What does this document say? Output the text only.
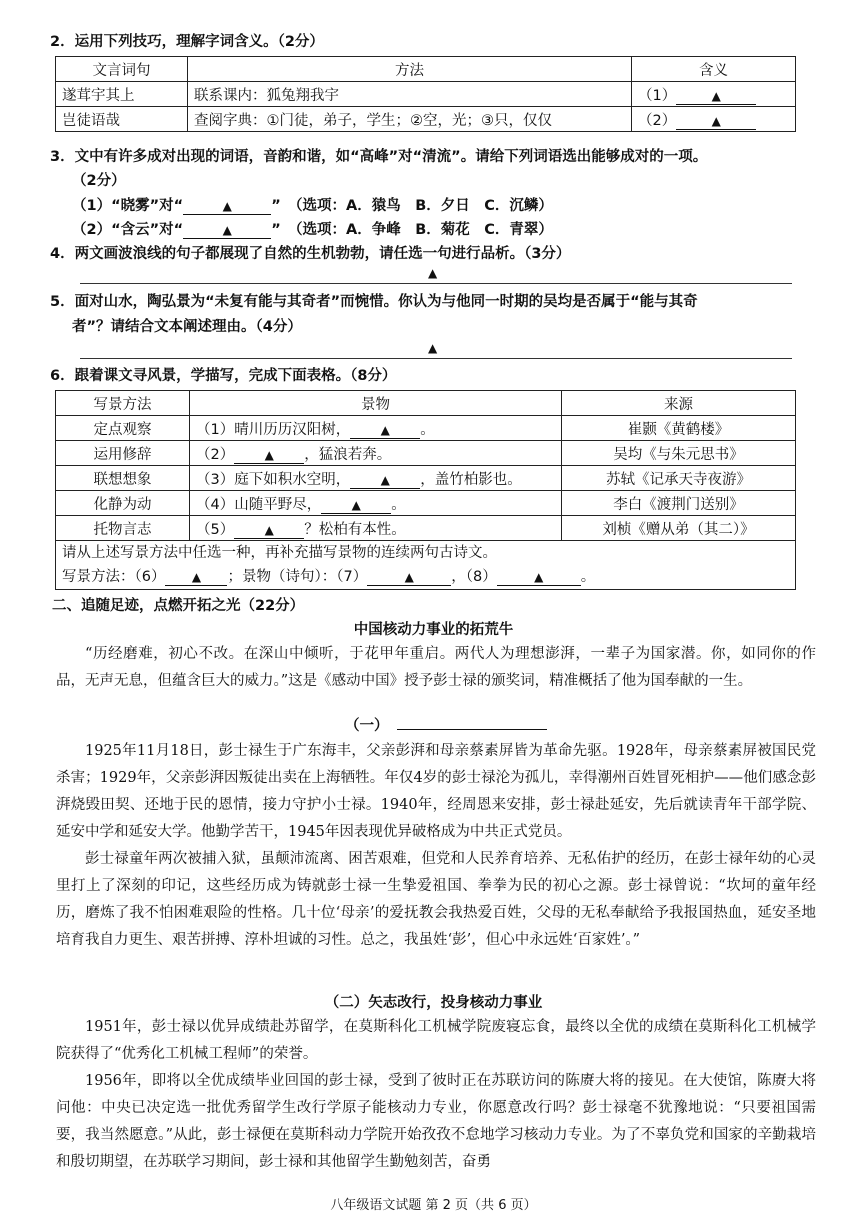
2．运用下列技巧，理解字词含义。（2分）
文言词句	方法	含义
遂茸宇其上	联系课内：狐兔翔我宇	（1） ▲
岂徒语哉	查阅字典：①门徒，弟子，学生；②空，光；③只，仅仅	（2） ▲
3．文中有许多成对出现的词语，音韵和谐，如“高峰”对“清流”。请给下列词语选出能够成对的一项。
（2分）
（1）“晓雾”对“	▲	”　 （选项：A．猿鸟　B．夕日　C．沉鳞）
（2）“含云”对“	▲	”　 （选项：A．争峰　B．菊花　C．青翠）
4．两文画波浪线的句子都展现了自然的生机勃勃，请任选一句进行品析。（3分）
▲
5．面对山水，陶弘景为“未复有能与其奇者”而惋惜。你认为与他同一时期的吴均是否属于“能与其奇
者”？请结合文本阐述理由。（4分）
▲
6．跟着课文寻风景，学描写，完成下面表格。（8分）
写景方法	景物	来源
定点观察	（1）晴川历历汉阳树， ▲ 。	崔颢《黄鹤楼》
运用修辞	（2） ▲ ，猛浪若奔。	吴均《与朱元思书》
联想想象	（3）庭下如积水空明， ▲ ，盖竹柏影也。	苏轼《记承天寺夜游》
化静为动	（4）山随平野尽， ▲ 。	李白《渡荆门送别》
托物言志	（5） ▲ ？松柏有本性。	刘桢《赠从弟（其二）》

请从上述写景方法中任选一种，再补充描写景物的连续两句古诗文。
写景方法：（6） ▲ ；景物（诗句）：（7） ▲ ，（8） ▲ 。		
二、追随足迹，点燃开拓之光（22分）
中国核动力事业的拓荒牛

“历经磨难，初心不改。在深山中倾听，于花甲年重启。两代人为理想澎湃，一辈子为国家潜。你，如同你的作品，无声无息，但蕴含巨大的威力。”这是《感动中国》授予彭士禄的颁奖词，精准概括了他为国奉献的一生。

（一）

1925年11月18日，彭士禄生于广东海丰，父亲彭湃和母亲蔡素屏皆为革命先驱。1928年，母亲蔡素屏被国民党杀害；1929年，父亲彭湃因叛徒出卖在上海牺牲。年仅4岁的彭士禄沦为孤儿，幸得潮州百姓冒死相护——他们感念彭湃烧毁田契、还地于民的恩情，接力守护小士禄。1940年，经周恩来安排，彭士禄赴延安，先后就读青年干部学院、延安中学和延安大学。他勤学苦干，1945年因表现优异破格成为中共正式党员。

彭士禄童年两次被捕入狱，虽颠沛流离、困苦艰难，但党和人民养育培养、无私佑护的经历，在彭士禄年幼的心灵里打上了深刻的印记，这些经历成为铸就彭士禄一生挚爱祖国、拳拳为民的初心之源。彭士禄曾说：“坎坷的童年经历，磨炼了我不怕困难艰险的性格。几十位‘母亲’的爱抚教会我热爱百姓，父母的无私奉献给予我报国热血，延安圣地培育我自力更生、艰苦拼搏、淳朴坦诚的习性。总之，我虽姓‘彭’，但心中永远姓‘百家姓’。”

（二）矢志改行，投身核动力事业

1951年，彭士禄以优异成绩赴苏留学，在莫斯科化工机械学院废寝忘食，最终以全优的成绩在莫斯科化工机械学院获得了“优秀化工机械工程师”的荣誉。

1956年，即将以全优成绩毕业回国的彭士禄，受到了彼时正在苏联访问的陈赓大将的接见。在大使馆，陈赓大将问他：中央已决定选一批优秀留学生改行学原子能核动力专业，你愿意改行吗？彭士禄毫不犹豫地说：“只要祖国需要，我当然愿意。”从此，彭士禄便在莫斯科动力学院开始孜孜不怠地学习核动力专业。为了不辜负党和国家的辛勤栽培和殷切期望，在苏联学习期间，彭士禄和其他留学生勤勉刻苦，奋勇

八年级语文试题 第 2 页（共 6 页）
